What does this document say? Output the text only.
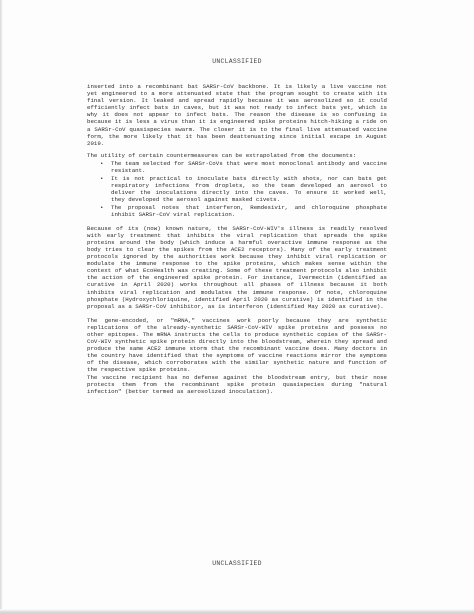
UNCLASSIFIED

inserted into a recombinant bat SARSr-CoV backbone. It is likely a live vaccine not yet engineered to a more attenuated state that the program sought to create with its final version. It leaked and spread rapidly because it was aerosolized so it could efficiently infect bats in caves, but it was not ready to infect bats yet, which is why it does not appear to infect bats. The reason the disease is so confusing is because it is less a virus than it is engineered spike proteins hitch-hiking a ride on a SARSr-CoV quasispecies swarm. The closer it is to the final live attenuated vaccine form, the more likely that it has been deattenuating since initial escape in August 2019.

The utility of certain countermeasures can be extrapolated from the documents:

• The team selected for SARSr-CoVs that were most monoclonal antibody and vaccine resistant.
• It is not practical to inoculate bats directly with shots, nor can bats get respiratory infections from droplets, so the team developed an aerosol to deliver the inoculations directly into the caves. To ensure it worked well, they developed the aerosol against masked civets.
• The proposal notes that interferon, Remdesivir, and chloroquine phosphate inhibit SARSr-CoV viral replication.

Because of its (now) known nature, the SARSr-CoV-WIV's illness is readily resolved with early treatment that inhibits the viral replication that spreads the spike proteins around the body (which induce a harmful overactive immune response as the body tries to clear the spikes from the ACE2 receptors). Many of the early treatment protocols ignored by the authorities work because they inhibit viral replication or modulate the immune response to the spike proteins, which makes sense within the context of what EcoHealth was creating. Some of these treatment protocols also inhibit the action of the engineered spike protein. For instance, Ivermectin (identified as curative in April 2020) works throughout all phases of illness because it both inhibits viral replication and modulates the immune response. Of note, chloroquine phosphate (Hydroxychloriquine, identified April 2020 as curative) is identified in the proposal as a SARSr-CoV inhibitor, as is interferon (identified May 2020 as curative).

The gene-encoded, or "mRNA," vaccines work poorly because they are synthetic replications of the already-synthetic SARSr-CoV-WIV spike proteins and possess no other epitopes. The mRNA instructs the cells to produce synthetic copies of the SARSr-CoV-WIV synthetic spike protein directly into the bloodstream, wherein they spread and produce the same ACE2 immune storm that the recombinant vaccine does. Many doctors in the country have identified that the symptoms of vaccine reactions mirror the symptoms of the disease, which corroborates with the similar synthetic nature and function of the respective spike proteins.

The vaccine recipient has no defense against the bloodstream entry, but their nose protects them from the recombinant spike protein quasispecies during "natural infection" (better termed as aerosolized inoculation).

UNCLASSIFIED
